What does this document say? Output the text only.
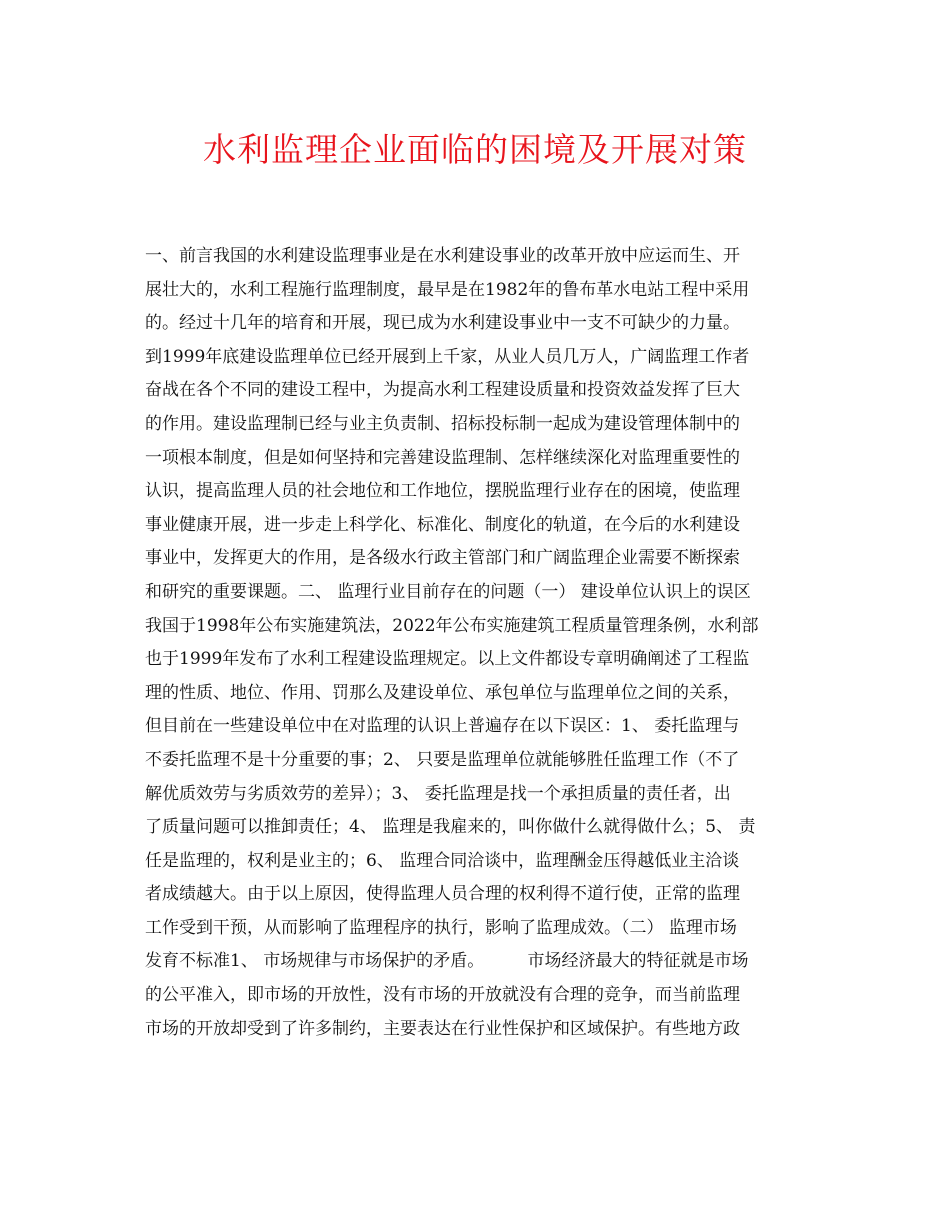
水利监理企业面临的困境及开展对策
一、前言我国的水利建设监理事业是在水利建设事业的改革开放中应运而生、开
展壮大的，水利工程施行监理制度，最早是在1982年的鲁布革水电站工程中采用
的。经过十几年的培育和开展，现已成为水利建设事业中一支不可缺少的力量。
到1999年底建设监理单位已经开展到上千家，从业人员几万人，广阔监理工作者
奋战在各个不同的建设工程中，为提高水利工程建设质量和投资效益发挥了巨大
的作用。建设监理制已经与业主负责制、招标投标制一起成为建设管理体制中的
一项根本制度，但是如何坚持和完善建设监理制、怎样继续深化对监理重要性的
认识，提高监理人员的社会地位和工作地位，摆脱监理行业存在的困境，使监理
事业健康开展，进一步走上科学化、标准化、制度化的轨道，在今后的水利建设
事业中，发挥更大的作用，是各级水行政主管部门和广阔监理企业需要不断探索
和研究的重要课题。二、 监理行业目前存在的问题（一） 建设单位认识上的误区
我国于1998年公布实施建筑法，2022年公布实施建筑工程质量管理条例，水利部
也于1999年发布了水利工程建设监理规定。以上文件都设专章明确阐述了工程监
理的性质、地位、作用、罚那么及建设单位、承包单位与监理单位之间的关系，
但目前在一些建设单位中在对监理的认识上普遍存在以下误区：1、 委托监理与
不委托监理不是十分重要的事；2、 只要是监理单位就能够胜任监理工作（不了
解优质效劳与劣质效劳的差异）；3、 委托监理是找一个承担质量的责任者，出
了质量问题可以推卸责任；4、 监理是我雇来的，叫你做什么就得做什么；5、 责
任是监理的，权利是业主的；6、 监理合同洽谈中，监理酬金压得越低业主洽谈
者成绩越大。由于以上原因，使得监理人员合理的权利得不道行使，正常的监理
工作受到干预，从而影响了监理程序的执行，影响了监理成效。（二） 监理市场
发育不标准1、 市场规律与市场保护的矛盾。        市场经济最大的特征就是市场
的公平准入，即市场的开放性，没有市场的开放就没有合理的竞争，而当前监理
市场的开放却受到了许多制约，主要表达在行业性保护和区域保护。有些地方政
